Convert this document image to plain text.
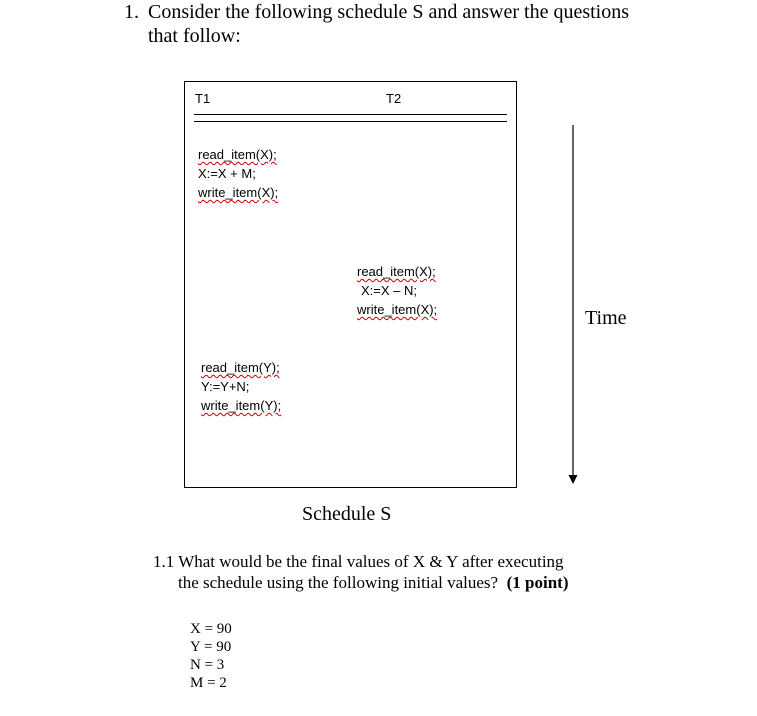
1. Consider the following schedule S and answer the questions
that follow:
T1	T2
read_item(X);
X:=X + M;
write_item(X);
read_item(X);
X:=X – N;
write_item(X);
read_item(Y);
Y:=Y+N;
write_item(Y);
Time
Schedule S
1.1 What would be the final values of X & Y after executing
the schedule using the following initial values? (1 point)
X = 90
Y = 90
N = 3
M = 2
